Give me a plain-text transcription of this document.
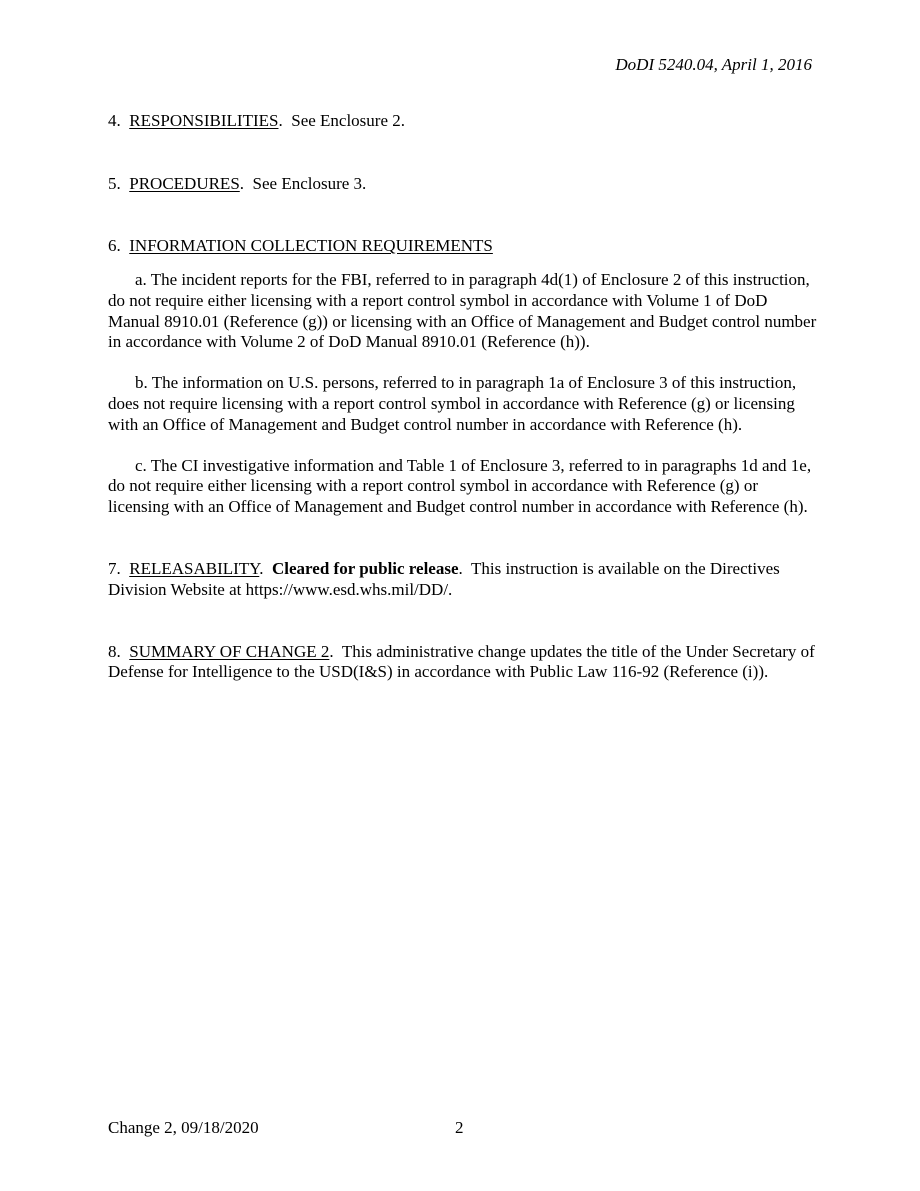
DoDI 5240.04, April 1, 2016
4. RESPONSIBILITIES.  See Enclosure 2.
5. PROCEDURES.  See Enclosure 3.
6. INFORMATION COLLECTION REQUIREMENTS
a. The incident reports for the FBI, referred to in paragraph 4d(1) of Enclosure 2 of this instruction, do not require either licensing with a report control symbol in accordance with Volume 1 of DoD Manual 8910.01 (Reference (g)) or licensing with an Office of Management and Budget control number in accordance with Volume 2 of DoD Manual 8910.01 (Reference (h)).
b. The information on U.S. persons, referred to in paragraph 1a of Enclosure 3 of this instruction, does not require licensing with a report control symbol in accordance with Reference (g) or licensing with an Office of Management and Budget control number in accordance with Reference (h).
c. The CI investigative information and Table 1 of Enclosure 3, referred to in paragraphs 1d and 1e, do not require either licensing with a report control symbol in accordance with Reference (g) or licensing with an Office of Management and Budget control number in accordance with Reference (h).
7. RELEASABILITY.  Cleared for public release.  This instruction is available on the Directives Division Website at https://www.esd.whs.mil/DD/.
8. SUMMARY OF CHANGE 2.  This administrative change updates the title of the Under Secretary of Defense for Intelligence to the USD(I&S) in accordance with Public Law 116-92 (Reference (i)).
Change 2, 09/18/2020	2
